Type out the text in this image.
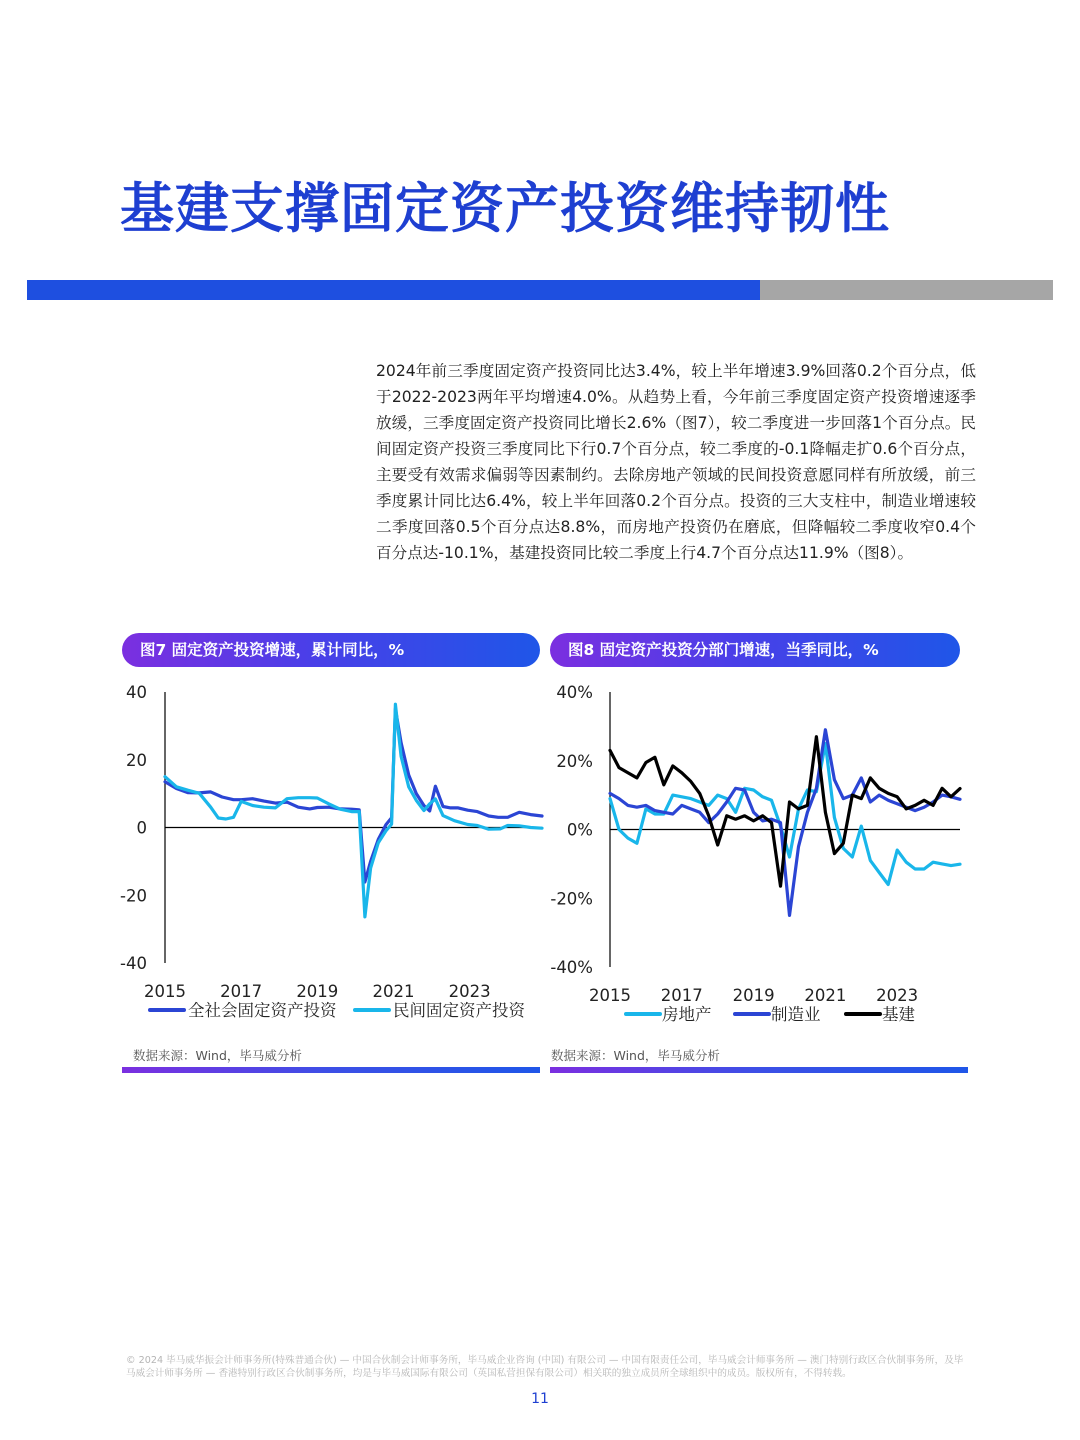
基建支撑固定资产投资维持韧性
2024年前三季度固定资产投资同比达3.4%，较上半年增速3.9%回落0.2个百分点，低于2022-2023两年平均增速4.0%。从趋势上看，今年前三季度固定资产投资增速逐季放缓，三季度固定资产投资同比增长2.6%（图7），较二季度进一步回落1个百分点。民间固定资产投资三季度同比下行0.7个百分点，较二季度的-0.1降幅走扩0.6个百分点，主要受有效需求偏弱等因素制约。去除房地产领域的民间投资意愿同样有所放缓，前三季度累计同比达6.4%，较上半年回落0.2个百分点。投资的三大支柱中，制造业增速较二季度回落0.5个百分点达8.8%，而房地产投资仍在磨底，但降幅较二季度收窄0.4个百分点达-10.1%，基建投资同比较二季度上行4.7个百分点达11.9%（图8）。
图7 固定资产投资增速，累计同比，%
40
20
0
-20
-40
2015 2017 2019 2021 2023
全社会固定资产投资	民间固定资产投资
数据来源：Wind，毕马威分析
图8 固定资产投资分部门增速，当季同比，%
40%
20%
0%
-20%
-40%
2015 2017 2019 2021 2023
房地产	制造业	基建
数据来源：Wind，毕马威分析
© 2024 毕马威华振会计师事务所(特殊普通合伙) — 中国合伙制会计师事务所，毕马威企业咨询 (中国) 有限公司 — 中国有限责任公司，毕马威会计师事务所 — 澳门特别行政区合伙制事务所，及毕马威会计师事务所 — 香港特别行政区合伙制事务所，均是与毕马威国际有限公司（英国私营担保有限公司）相关联的独立成员所全球组织中的成员。版权所有，不得转载。
11
